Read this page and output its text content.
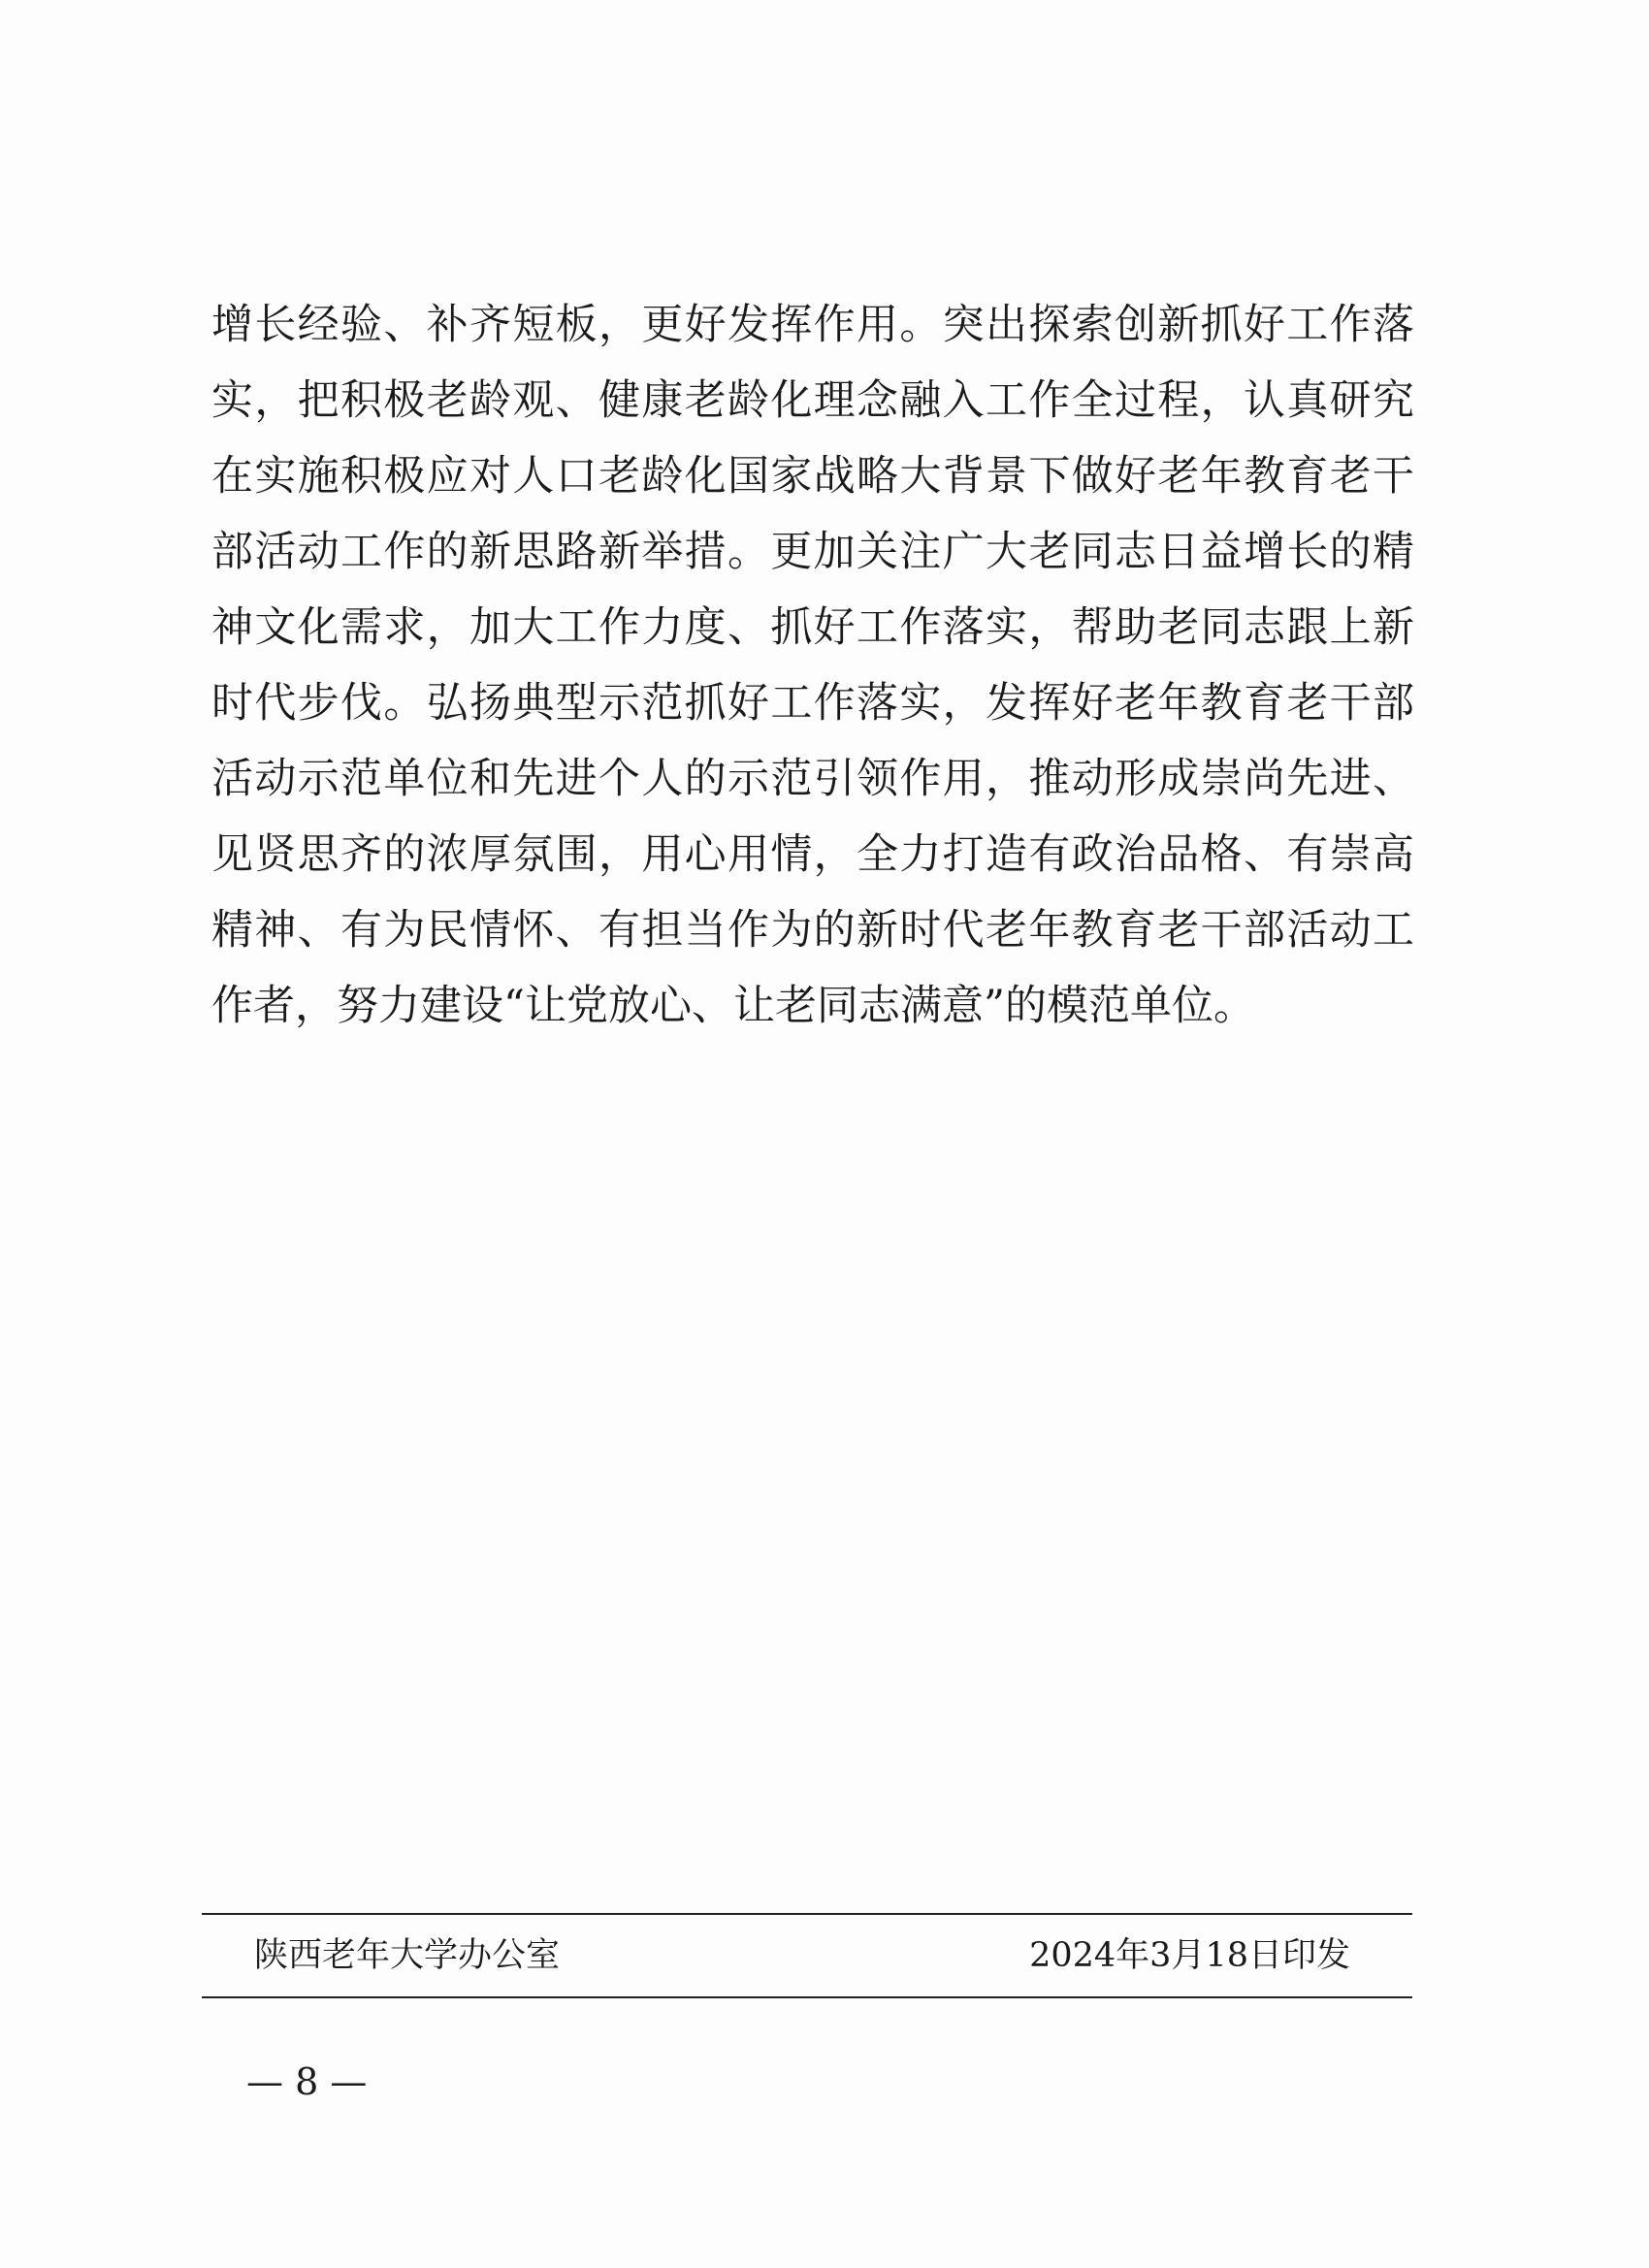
增长经验、补齐短板，更好发挥作用。突出探索创新抓好工作落
实，把积极老龄观、健康老龄化理念融入工作全过程，认真研究
在实施积极应对人口老龄化国家战略大背景下做好老年教育老干
部活动工作的新思路新举措。更加关注广大老同志日益增长的精
神文化需求，加大工作力度、抓好工作落实，帮助老同志跟上新
时代步伐。弘扬典型示范抓好工作落实，发挥好老年教育老干部
活动示范单位和先进个人的示范引领作用，推动形成崇尚先进、
见贤思齐的浓厚氛围，用心用情，全力打造有政治品格、有崇高
精神、有为民情怀、有担当作为的新时代老年教育老干部活动工
作者，努力建设“让党放心、让老同志满意”的模范单位。
陕西老年大学办公室	2024年3月18日印发
— 8 —
